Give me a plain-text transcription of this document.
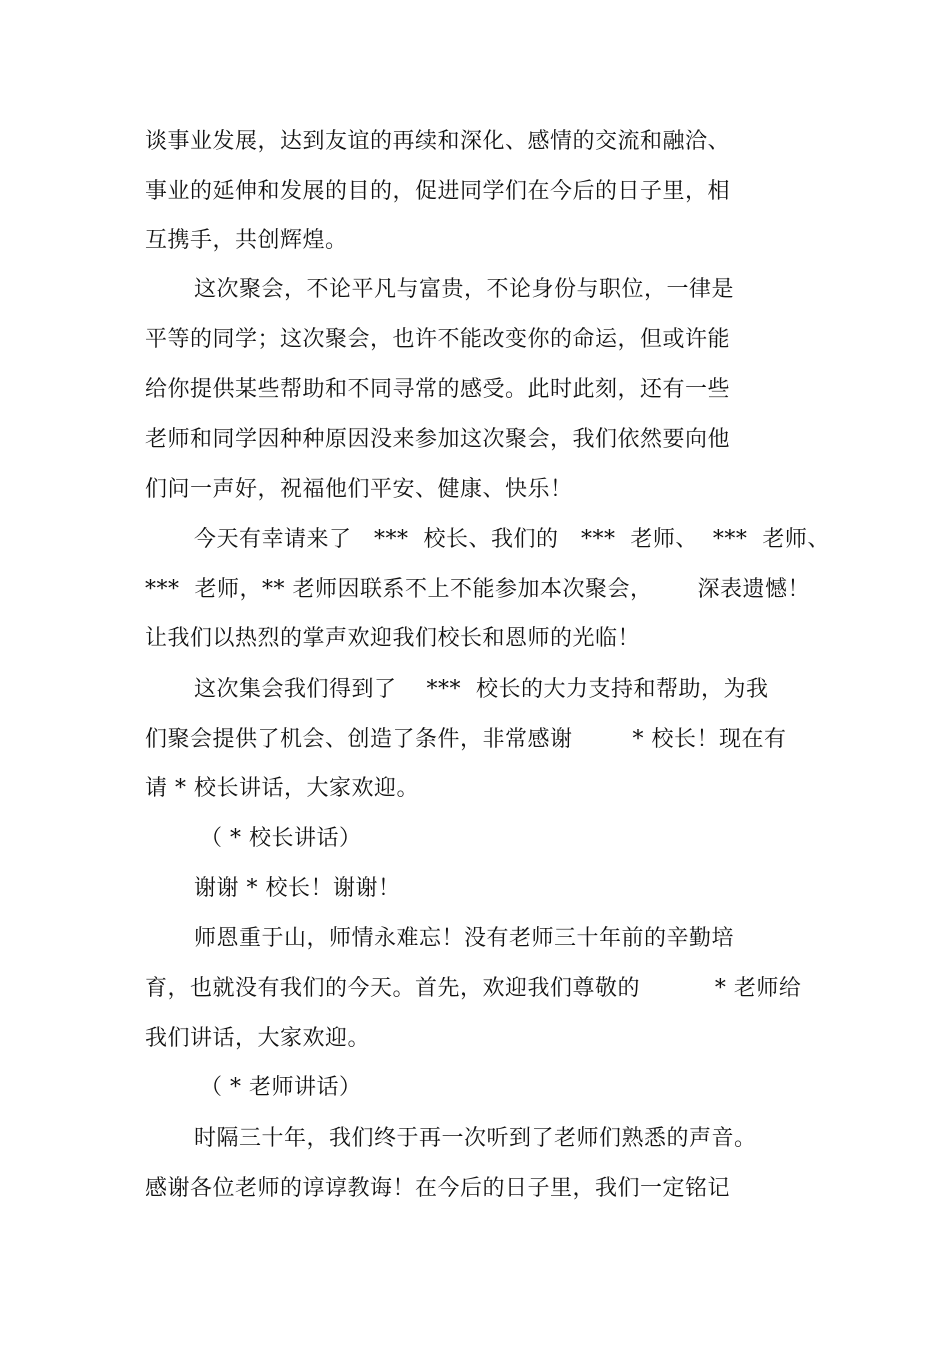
谈事业发展，达到友谊的再续和深化、感情的交流和融洽、
事业的延伸和发展的目的，促进同学们在今后的日子里，相
互携手，共创辉煌。
这次聚会，不论平凡与富贵，不论身份与职位，一律是
平等的同学；这次聚会，也许不能改变你的命运，但或许能
给你提供某些帮助和不同寻常的感受。此时此刻，还有一些
老师和同学因种种原因没来参加这次聚会，我们依然要向他
们问一声好，祝福他们平安、健康、快乐！
今天有幸请来了   ***  校长、我们的   ***  老师、  ***  老师、
***  老师，** 老师因联系不上不能参加本次聚会，      深表遗憾！
让我们以热烈的掌声欢迎我们校长和恩师的光临！
这次集会我们得到了    ***  校长的大力支持和帮助，为我
们聚会提供了机会、创造了条件，非常感谢        * 校长！现在有
请 * 校长讲话，大家欢迎。
（ * 校长讲话）
谢谢 * 校长！谢谢！
师恩重于山，师情永难忘！没有老师三十年前的辛勤培
育，也就没有我们的今天。首先，欢迎我们尊敬的          * 老师给
我们讲话，大家欢迎。
（ * 老师讲话）
时隔三十年，我们终于再一次听到了老师们熟悉的声音。
感谢各位老师的谆谆教诲！在今后的日子里，我们一定铭记
